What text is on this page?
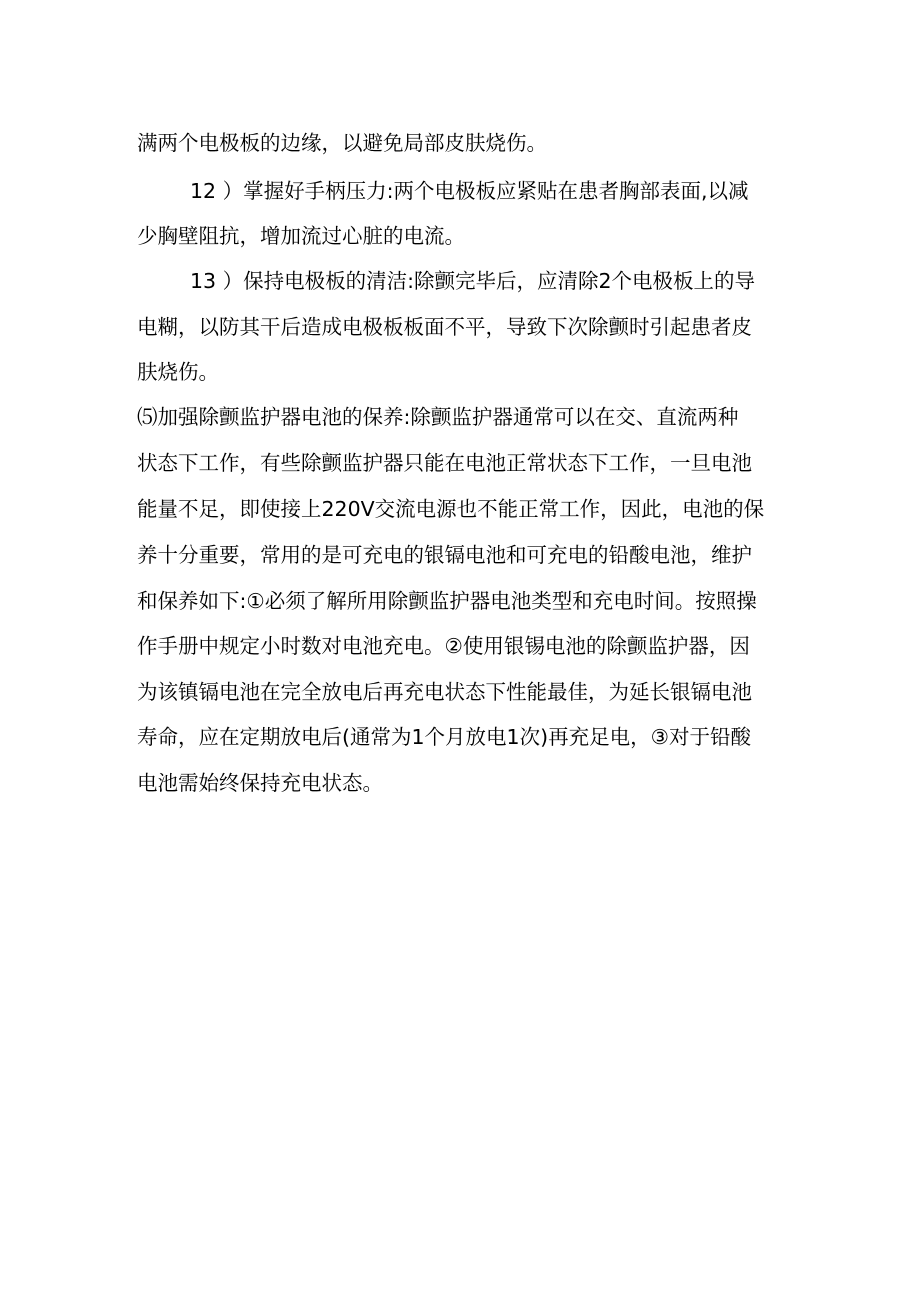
满两个电极板的边缘，以避免局部皮肤烧伤。
12 ）掌握好手柄压力:两个电极板应紧贴在患者胸部表面,以减
少胸壁阻抗，增加流过心脏的电流。
13 ）保持电极板的清洁:除颤完毕后，应清除2个电极板上的导
电糊，以防其干后造成电极板板面不平，导致下次除颤时引起患者皮
肤烧伤。
⑸加强除颤监护器电池的保养:除颤监护器通常可以在交、直流两种
状态下工作，有些除颤监护器只能在电池正常状态下工作，一旦电池
能量不足，即使接上220V交流电源也不能正常工作，因此，电池的保
养十分重要，常用的是可充电的银镉电池和可充电的铅酸电池，维护
和保养如下:①必须了解所用除颤监护器电池类型和充电时间。按照操
作手册中规定小时数对电池充电。②使用银锡电池的除颤监护器，因
为该镇镉电池在完全放电后再充电状态下性能最佳，为延长银镉电池
寿命，应在定期放电后(通常为1个月放电1次)再充足电，③对于铅酸
电池需始终保持充电状态。
